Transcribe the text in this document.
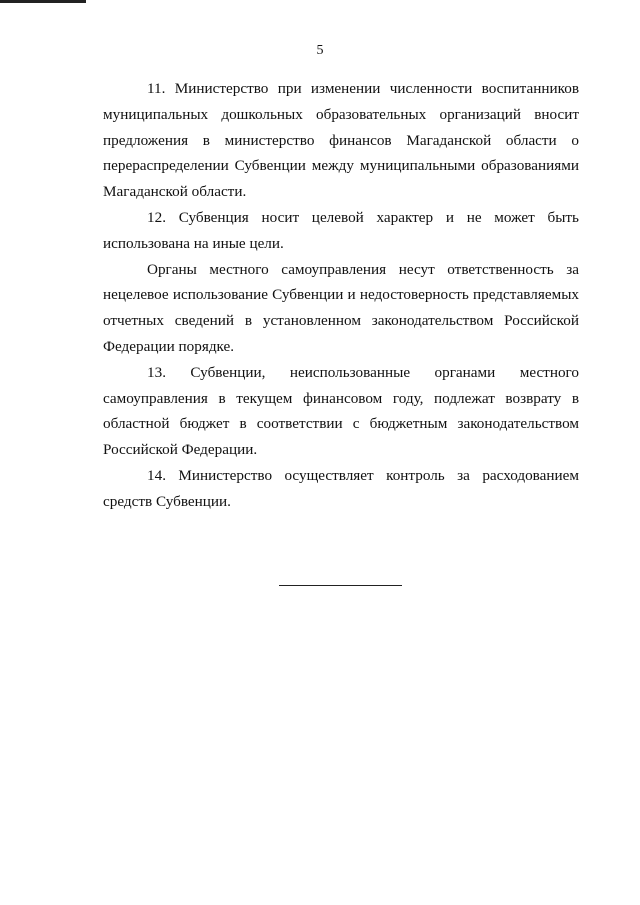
5

11. Министерство при изменении численности воспитанников муниципальных дошкольных образовательных организаций вносит предложения в министерство финансов Магаданской области о перераспределении Субвенции между муниципальными образованиями Магаданской области.

12. Субвенция носит целевой характер и не может быть использована на иные цели.

Органы местного самоуправления несут ответственность за нецелевое использование Субвенции и недостоверность представляемых отчетных сведений в установленном законодательством Российской Федерации порядке.

13. Субвенции, неиспользованные органами местного самоуправления в текущем финансовом году, подлежат возврату в областной бюджет в соответствии с бюджетным законодательством Российской Федерации.

14. Министерство осуществляет контроль за расходованием средств Субвенции.
